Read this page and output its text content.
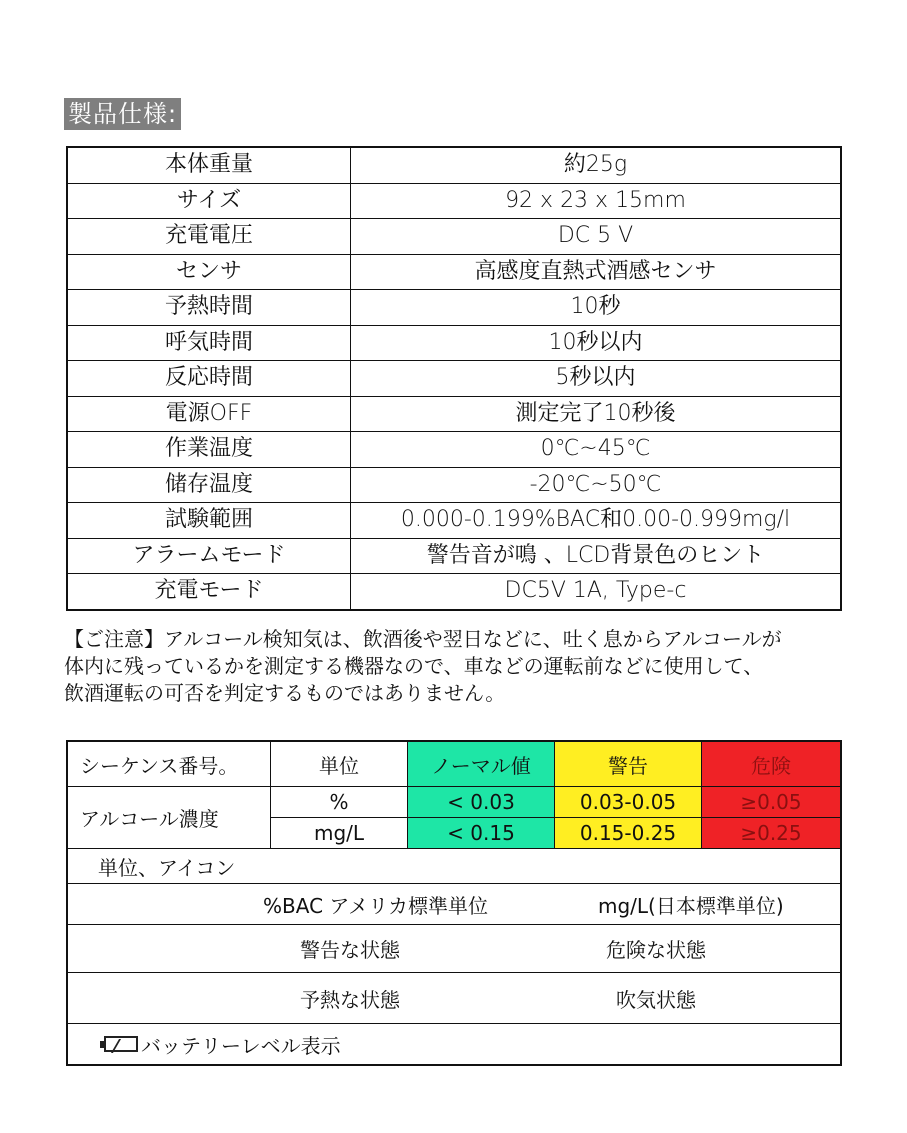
製品仕様:
本体重量	約25g
サイズ	92 x 23 x 15mm
充電電圧	DC 5 V
センサ	高感度直熱式酒感センサ
予熱時間	10秒
呼気時間	10秒以内
反応時間	5秒以内
電源OFF	測定完了10秒後
作業温度	0℃~45℃
储存温度	-20℃~50℃
試験範囲	0.000-0.199%BAC和0.00-0.999mg/l
アラームモード	警告音が鳴 、LCD背景色のヒント
充電モード	DC5V 1A, Type-c
【ご注意】アルコール検知気は、飲酒後や翌日などに、吐く息からアルコールが
体内に残っているかを測定する機器なので、車などの運転前などに使用して、
飲酒運転の可否を判定するものではありません。
シーケンス番号。	単位	ノーマル値	警告	危険
アルコール濃度	%	< 0.03	0.03-0.05	≥0.05
	mg/L	< 0.15	0.15-0.25	≥0.25
単位、アイコン				

%BAC アメリカ標準単位 mg/L(日本標準単位)				

警告な状態 危険な状態				

予熱な状態 吹気状態				

バッテリーレベル表示				
